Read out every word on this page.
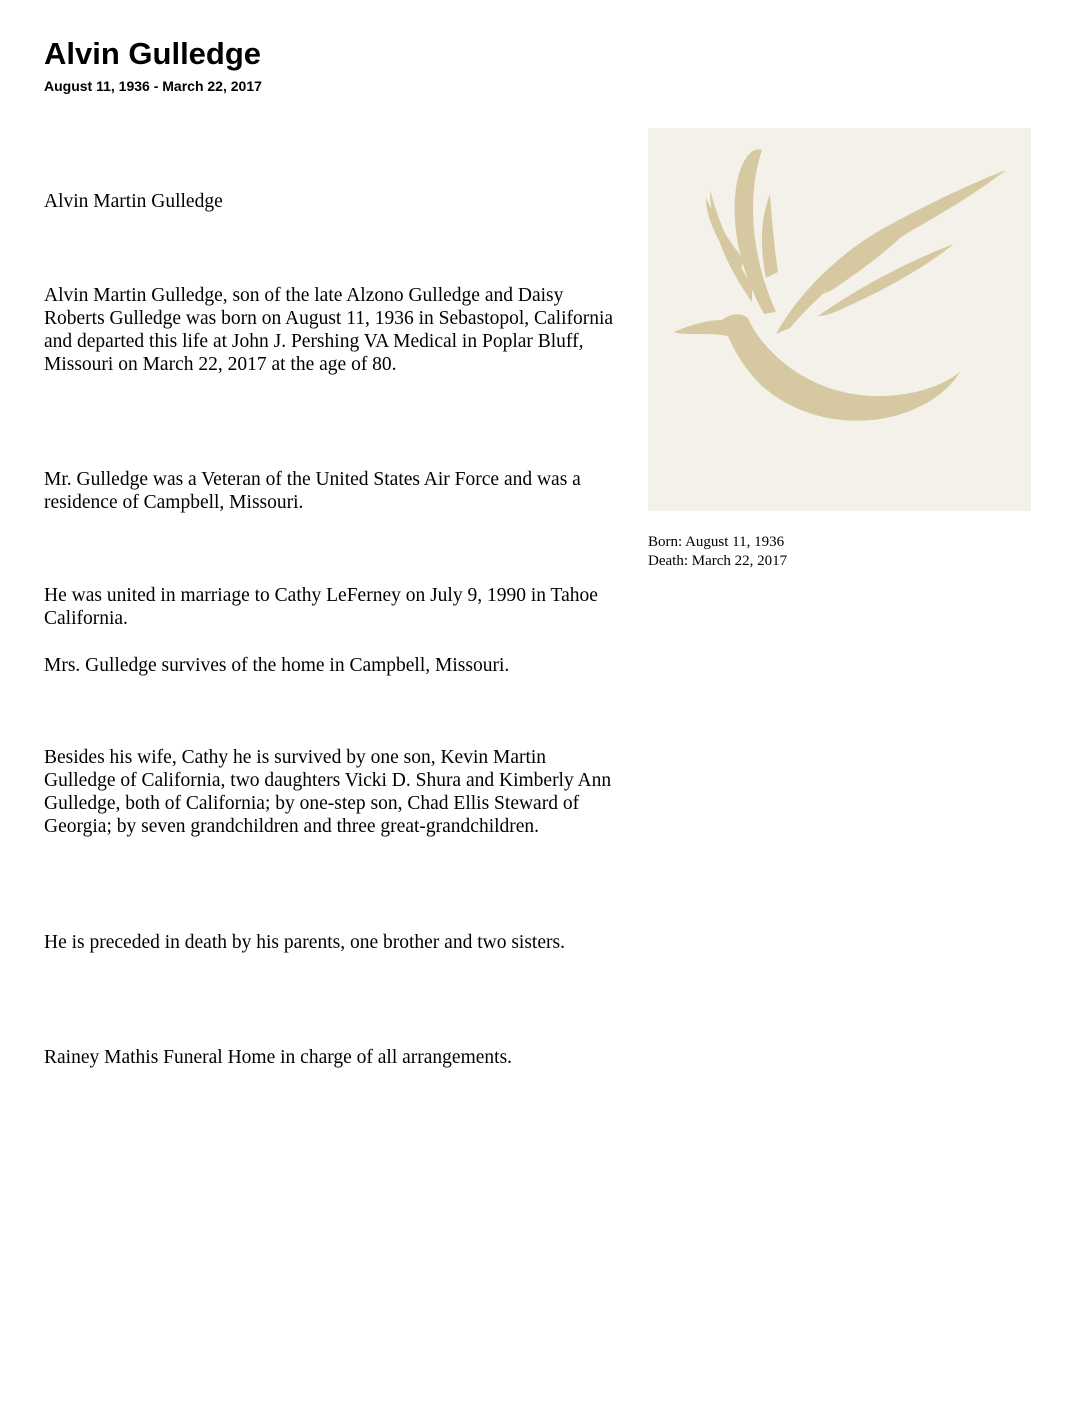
Alvin Gulledge

August 11, 1936 - March 22, 2017

Alvin Martin Gulledge

Alvin Martin Gulledge, son of the late Alzono Gulledge and Daisy Roberts Gulledge was born on August 11, 1936 in Sebastopol, California and departed this life at John J. Pershing VA Medical in Poplar Bluff, Missouri on March 22, 2017 at the age of 80.

Mr. Gulledge was a Veteran of the United States Air Force and was a residence of Campbell, Missouri.

He was united in marriage to Cathy LeFerney on July 9, 1990 in Tahoe California.

Mrs. Gulledge survives of the home in Campbell, Missouri.

Besides his wife, Cathy he is survived by one son, Kevin Martin Gulledge of California, two daughters Vicki D. Shura and Kimberly Ann Gulledge, both of California; by one-step son, Chad Ellis Steward of Georgia; by seven grandchildren and three great-grandchildren.

He is preceded in death by his parents, one brother and two sisters.

Rainey Mathis Funeral Home in charge of all arrangements.

Born: August 11, 1936

Death: March 22, 2017
